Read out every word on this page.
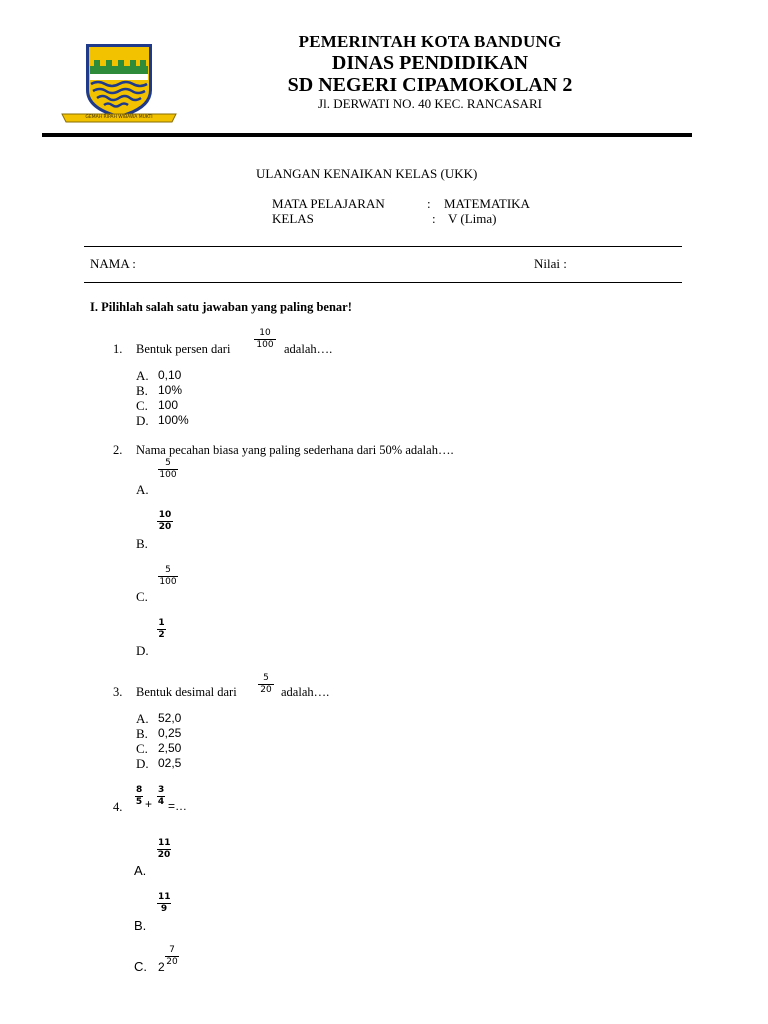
GEMAH RIPAH WIBAWA MUKTI
PEMERINTAH KOTA BANDUNG
DINAS PENDIDIKAN
SD NEGERI CIPAMOKOLAN 2
Jl. DERWATI NO. 40 KEC. RANCASARI
ULANGAN KENAIKAN KELAS (UKK)
MATA PELAJARAN	: MATEMATIKA
KELAS	: V (Lima)
NAMA :	Nilai :
I. Pilihlah salah satu jawaban yang paling benar!
1. Bentuk persen dari	$\frac{10}{100}$ adalah….
A. 0,10
B. 10%
C. 100
D. 100%
2. Nama pecahan biasa yang paling sederhana dari 50% adalah….
$\frac{5}{100}$
A.
$\frac{10}{20}$
B.
$\frac{5}{100}$
C.
$\frac{1}{2}$
D.
3. Bentuk desimal dari $\frac{5}{20}$ adalah….
A. 52,0
B. 0,25
C. 2,50
D. 02,5
4. $\frac{8}{5} + \frac{3}{4}$ =…
$\frac{11}{20}$
A.
$\frac{11}{9}$
B.
C. $2 \frac{7}{20}$
